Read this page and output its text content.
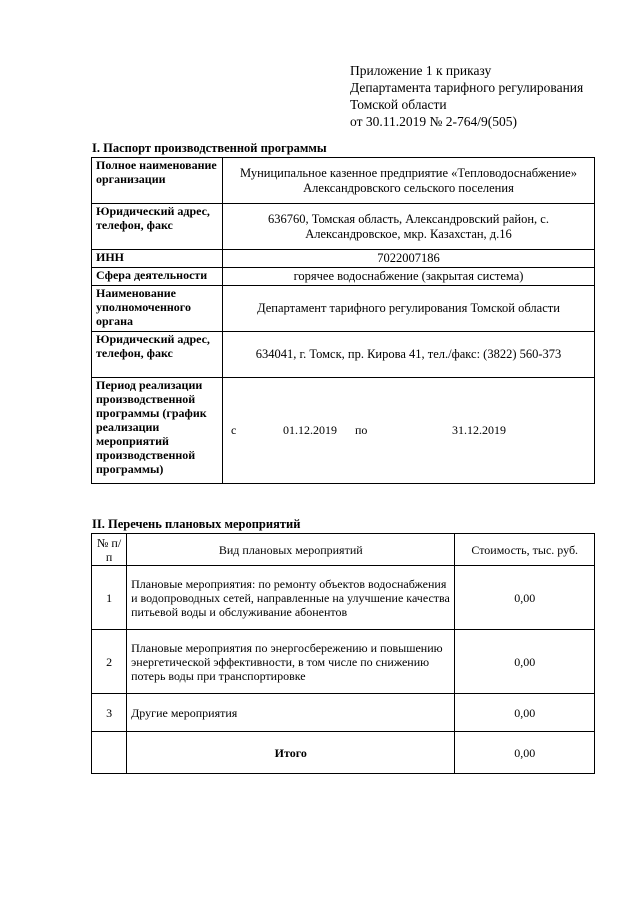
Приложение 1 к приказу
Департамента тарифного регулирования
Томской области
от 30.11.2019 № 2-764/9(505)
I. Паспорт производственной программы
Полное наименование организации	Муниципальное казенное предприятие «Тепловодоснабжение» Александровского сельского поселения
Юридический адрес, телефон, факс	636760, Томская область, Александровский район, с. Александровское, мкр. Казахстан, д.16
ИНН	7022007186
Сфера деятельности	горячее водоснабжение (закрытая система)
Наименование уполномоченного органа	Департамент тарифного регулирования Томской области
Юридический адрес, телефон, факс	634041, г. Томск, пр. Кирова 41, тел./факс: (3822) 560-373
Период реализации производственной программы (график реализации мероприятий производственной программы)	с 01.12.2019 по 31.12.2019
II. Перечень плановых мероприятий
№ п/п	Вид плановых мероприятий	Стоимость, тыс. руб.
1	Плановые мероприятия: по ремонту объектов водоснабжения и водопроводных сетей, направленные на улучшение качества питьевой воды и обслуживание абонентов	0,00
2	Плановые мероприятия по энергосбережению и повышению энергетической эффективности, в том числе по снижению потерь воды при транспортировке	0,00
3	Другие мероприятия	0,00
	Итого	0,00
